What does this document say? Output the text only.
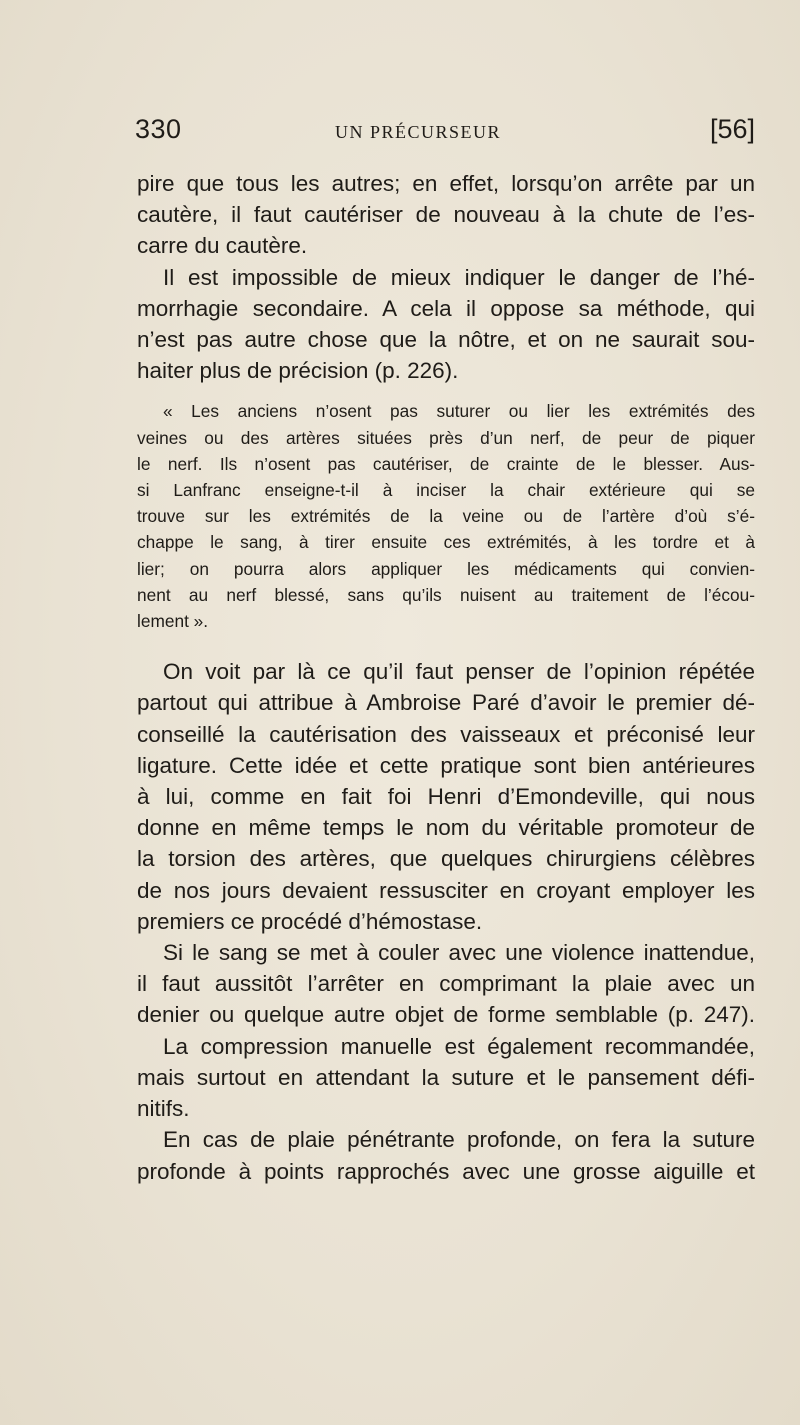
330	UN PRÉCURSEUR	[56]

pire que tous les autres; en effet, lorsqu’on arrête par un
cautère, il faut cautériser de nouveau à la chute de l’es-
carre du cautère.

Il est impossible de mieux indiquer le danger de l’hé-
morrhagie secondaire. A cela il oppose sa méthode, qui
n’est pas autre chose que la nôtre, et on ne saurait sou-
haiter plus de précision (p. 226).

« Les anciens n’osent pas suturer ou lier les extrémités des
veines ou des artères situées près d’un nerf, de peur de piquer
le nerf. Ils n’osent pas cautériser, de crainte de le blesser. Aus-
si Lanfranc enseigne-t-il à inciser la chair extérieure qui se
trouve sur les extrémités de la veine ou de l’artère d’où s’é-
chappe le sang, à tirer ensuite ces extrémités, à les tordre et à
lier; on pourra alors appliquer les médicaments qui convien-
nent au nerf blessé, sans qu’ils nuisent au traitement de l’écou-
lement ».

On voit par là ce qu’il faut penser de l’opinion répétée
partout qui attribue à Ambroise Paré d’avoir le premier dé-
conseillé la cautérisation des vaisseaux et préconisé leur
ligature. Cette idée et cette pratique sont bien antérieures
à lui, comme en fait foi Henri d’Emondeville, qui nous
donne en même temps le nom du véritable promoteur de
la torsion des artères, que quelques chirurgiens célèbres
de nos jours devaient ressusciter en croyant employer les
premiers ce procédé d’hémostase.

Si le sang se met à couler avec une violence inattendue,
il faut aussitôt l’arrêter en comprimant la plaie avec un
denier ou quelque autre objet de forme semblable (p. 247).

La compression manuelle est également recommandée,
mais surtout en attendant la suture et le pansement défi-
nitifs.

En cas de plaie pénétrante profonde, on fera la suture
profonde à points rapprochés avec une grosse aiguille et
